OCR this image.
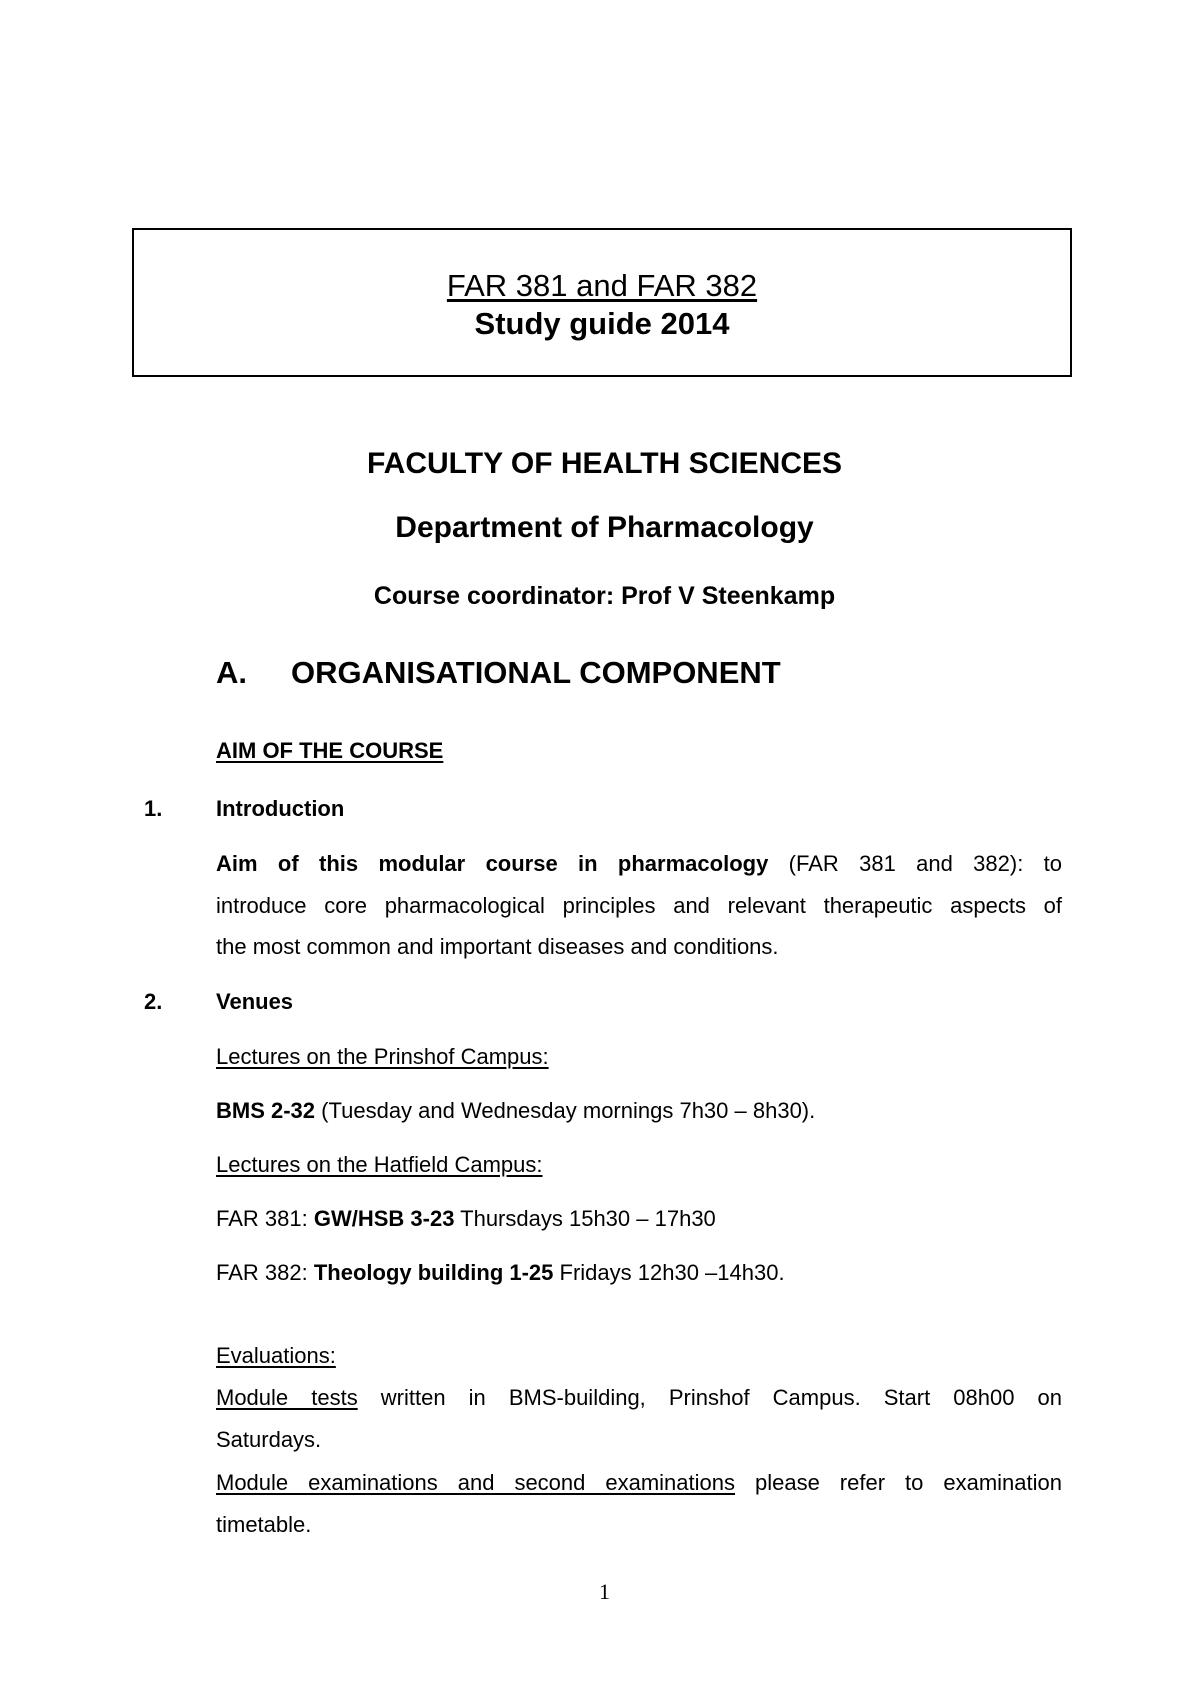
FAR 381 and FAR 382
Study guide 2014
FACULTY OF HEALTH SCIENCES
Department of Pharmacology
Course coordinator: Prof V Steenkamp
A. ORGANISATIONAL COMPONENT
AIM OF THE COURSE
1. Introduction
Aim of this modular course in pharmacology (FAR 381 and 382): to
introduce core pharmacological principles and relevant therapeutic aspects of
the most common and important diseases and conditions.
2. Venues
Lectures on the Prinshof Campus:
BMS 2-32 (Tuesday and Wednesday mornings 7h30 – 8h30).
Lectures on the Hatfield Campus:
FAR 381: GW/HSB 3-23 Thursdays 15h30 – 17h30
FAR 382: Theology building 1-25 Fridays 12h30 –14h30.
Evaluations:
Module tests written in BMS-building, Prinshof Campus. Start 08h00 on
Saturdays.
Module examinations and second examinations please refer to examination
timetable.
1
